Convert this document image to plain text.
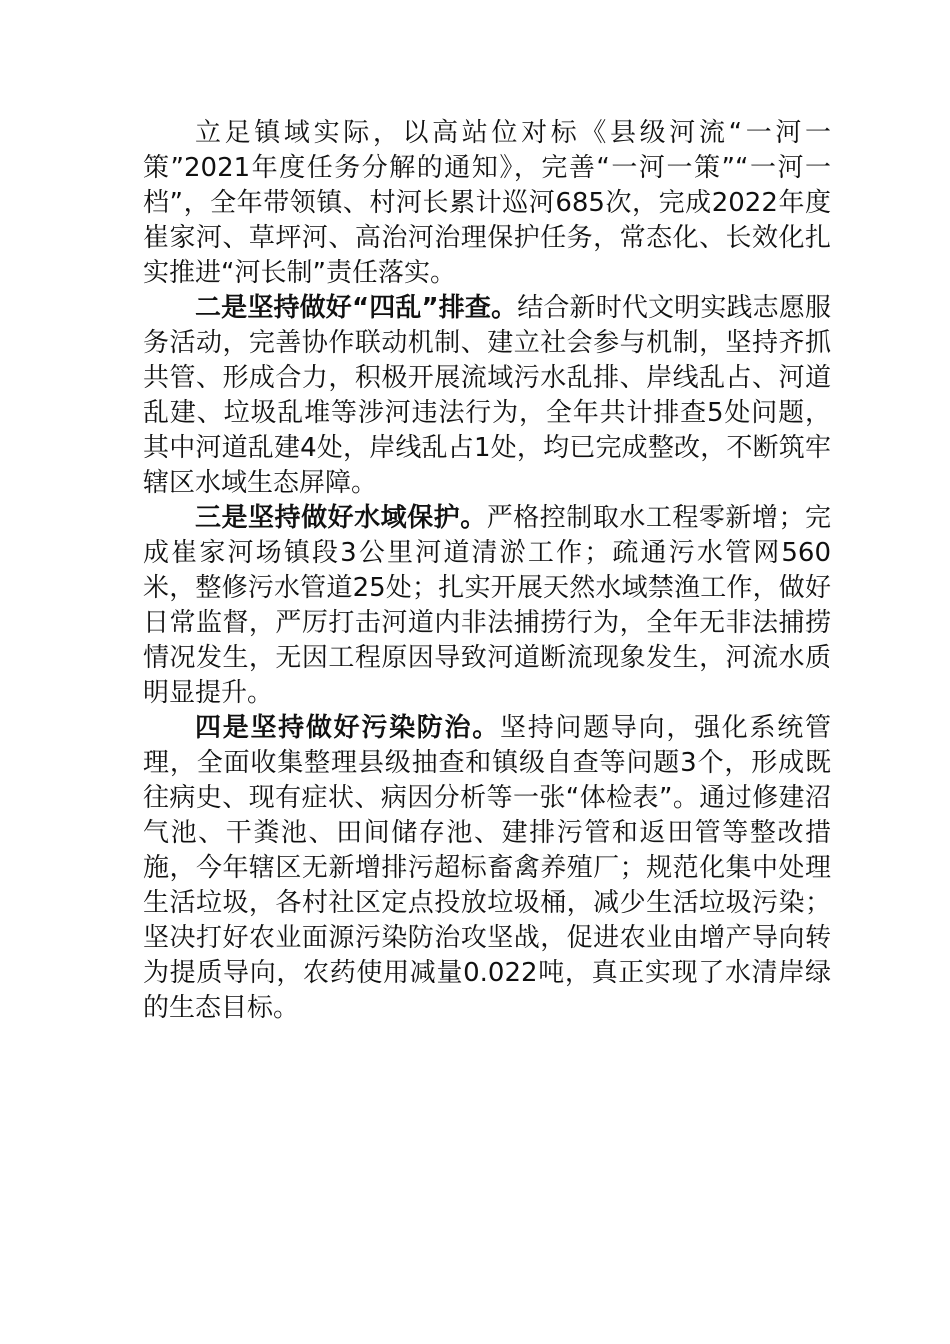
立足镇域实际，以高站位对标《县级河流“一河一策”2021年度任务分解的通知》，完善“一河一策”“一河一档”，全年带领镇、村河长累计巡河685次，完成2022年度崔家河、草坪河、高治河治理保护任务，常态化、长效化扎实推进“河长制”责任落实。

二是坚持做好“四乱”排查。结合新时代文明实践志愿服务活动，完善协作联动机制、建立社会参与机制，坚持齐抓共管、形成合力，积极开展流域污水乱排、岸线乱占、河道乱建、垃圾乱堆等涉河违法行为，全年共计排查5处问题，其中河道乱建4处，岸线乱占1处，均已完成整改，不断筑牢辖区水域生态屏障。

三是坚持做好水域保护。严格控制取水工程零新增；完成崔家河场镇段3公里河道清淤工作；疏通污水管网560米，整修污水管道25处；扎实开展天然水域禁渔工作，做好日常监督，严厉打击河道内非法捕捞行为，全年无非法捕捞情况发生，无因工程原因导致河道断流现象发生，河流水质明显提升。

四是坚持做好污染防治。坚持问题导向，强化系统管理，全面收集整理县级抽查和镇级自查等问题3个，形成既往病史、现有症状、病因分析等一张“体检表”。通过修建沼气池、干粪池、田间储存池、建排污管和返田管等整改措施，今年辖区无新增排污超标畜禽养殖厂；规范化集中处理生活垃圾，各村社区定点投放垃圾桶，减少生活垃圾污染；坚决打好农业面源污染防治攻坚战，促进农业由增产导向转为提质导向，农药使用减量0.022吨，真正实现了水清岸绿的生态目标。
